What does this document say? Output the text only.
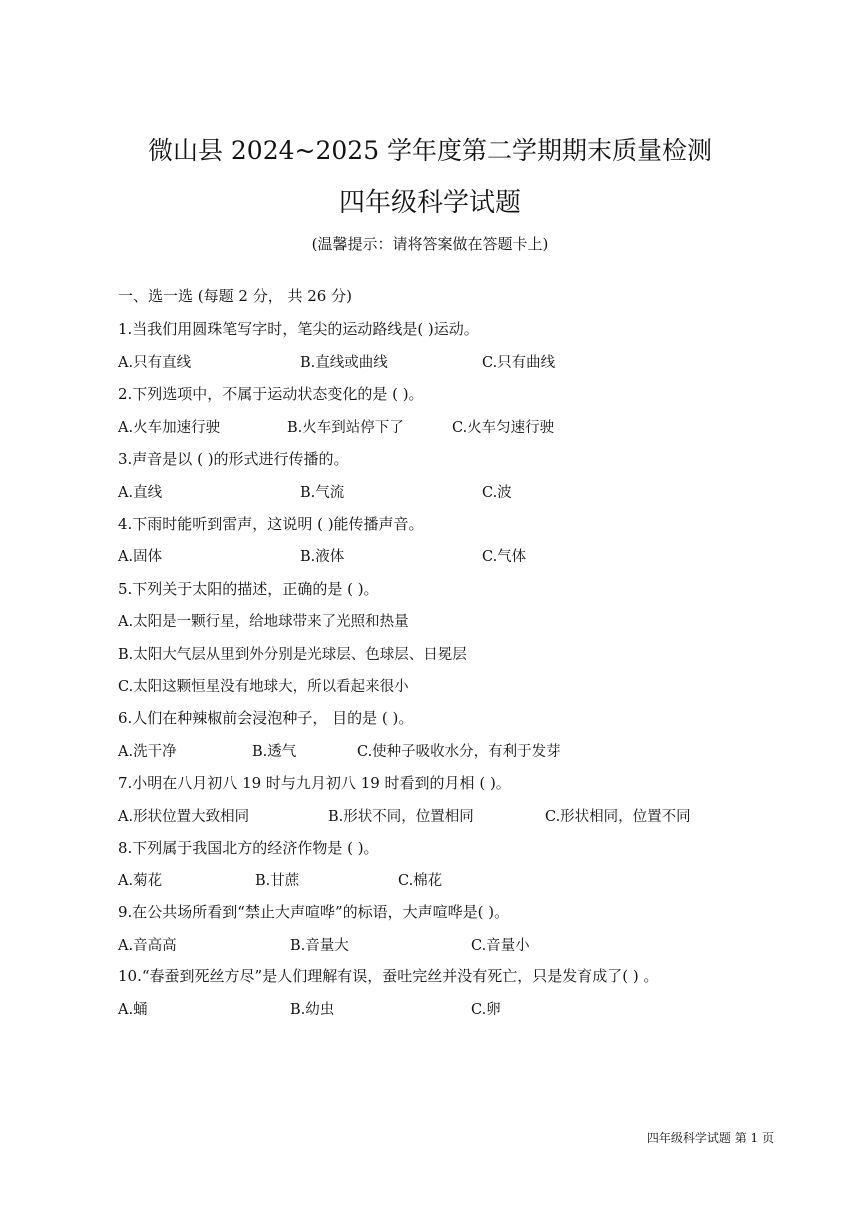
微山县 2024~2025 学年度第二学期期末质量检测
四年级科学试题
(温馨提示：请将答案做在答题卡上)
一、选一选 (每题 2 分， 共 26 分)
1.当我们用圆珠笔写字时，笔尖的运动路线是( )运动。
A.只有直线	B.直线或曲线	C.只有曲线
2.下列选项中，不属于运动状态变化的是 ( )。
A.火车加速行驶	B.火车到站停下了	C.火车匀速行驶
3.声音是以 ( )的形式进行传播的。
A.直线	B.气流	C.波
4.下雨时能听到雷声，这说明 ( )能传播声音。
A.固体	B.液体	C.气体
5.下列关于太阳的描述，正确的是 ( )。
A.太阳是一颗行星，给地球带来了光照和热量
B.太阳大气层从里到外分别是光球层、色球层、日冕层
C.太阳这颗恒星没有地球大，所以看起来很小
6.人们在种辣椒前会浸泡种子， 目的是 ( )。
A.洗干净	B.透气	C.使种子吸收水分，有利于发芽
7.小明在八月初八 19 时与九月初八 19 时看到的月相 ( )。
A.形状位置大致相同	B.形状不同，位置相同	C.形状相同，位置不同
8.下列属于我国北方的经济作物是 ( )。
A.菊花	B.甘蔗	C.棉花
9.在公共场所看到“禁止大声喧哗”的标语，大声喧哗是( )。
A.音高高	B.音量大	C.音量小
10.“春蚕到死丝方尽”是人们理解有误，蚕吐完丝并没有死亡，只是发育成了( ) 。
A.蛹	B.幼虫	C.卵
四年级科学试题 第 1 页
